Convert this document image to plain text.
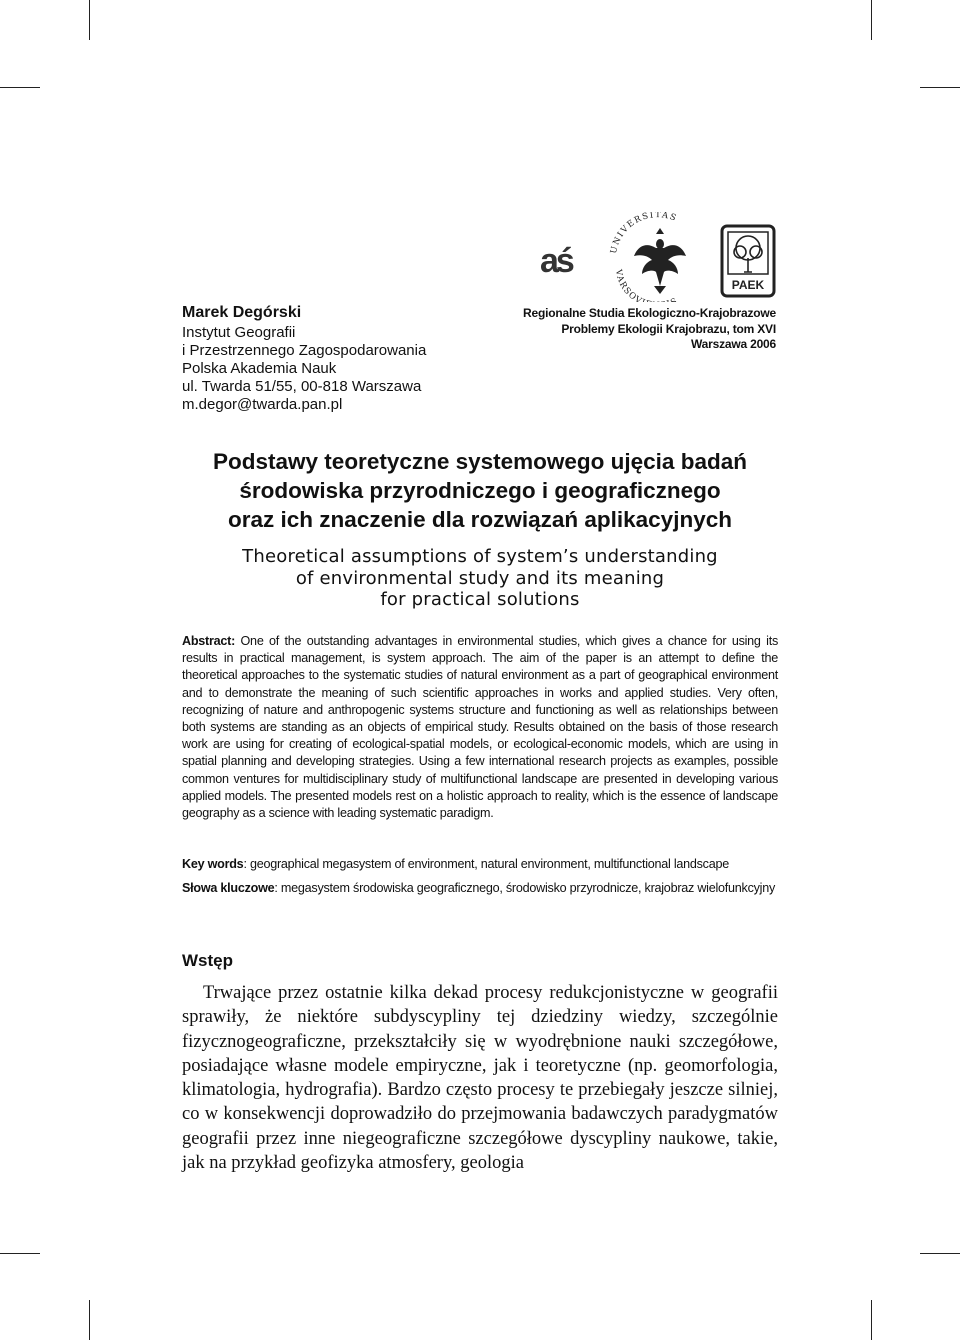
aś	UNIVERSITAS
VARSOV
PAEK
Marek Degórski
Instytut Geografii
i Przestrzennego Zagospodarowania
Polska Akademia Nauk
ul. Twarda 51/55, 00-818 Warszawa
m.degor@twarda.pan.pl
Regionalne Studia Ekologiczno-Krajobrazowe
Problemy Ekologii Krajobrazu, tom XVI
Warszawa 2006
Podstawy teoretyczne systemowego ujęcia badań
środowiska przyrodniczego i geograficznego
oraz ich znaczenie dla rozwiązań aplikacyjnych
Theoretical assumptions of system’s understanding
of environmental study and its meaning
for practical solutions
Abstract: One of the outstanding advantages in environmental studies, which gives a chance for using its results in practical management, is system approach. The aim of the paper is an attempt to define the theoretical approaches to the systematic studies of natural environment as a part of geographical environment and to demonstrate the meaning of such scientific approaches in works and applied studies. Very often, recognizing of nature and anthropogenic systems structure and functioning as well as relationships between both systems are standing as an objects of empirical study. Results obtained on the basis of those research work are using for creating of ecological-spatial models, or ecological-economic models, which are using in spatial planning and developing strategies. Using a few international research projects as examples, possible common ventures for multidisciplinary study of multifunctional landscape are presented in developing various applied models. The presented models rest on a holistic approach to reality, which is the essence of landscape geography as a science with leading systematic paradigm.
Key words: geographical megasystem of environment, natural environment, multifunctional landscape
Słowa kluczowe: megasystem środowiska geograficznego, środowisko przyrodnicze, krajobraz wielofunkcyjny
Wstęp

Trwające przez ostatnie kilka dekad procesy redukcjonistyczne w geografii sprawiły, że niektóre subdyscypliny tej dziedziny wiedzy, szczególnie fizycznogeograficzne, przekształciły się w wyodrębnione nauki szczegółowe, posiadające własne modele empiryczne, jak i teoretyczne (np. geomorfologia, klimatologia, hydrografia). Bardzo często procesy te przebiegały jeszcze silniej, co w konsekwencji doprowadziło do przejmowania badawczych paradygmatów geografii przez inne niegeograficzne szczegółowe dyscypliny naukowe, takie, jak na przykład geofizyka atmosfery, geologia
